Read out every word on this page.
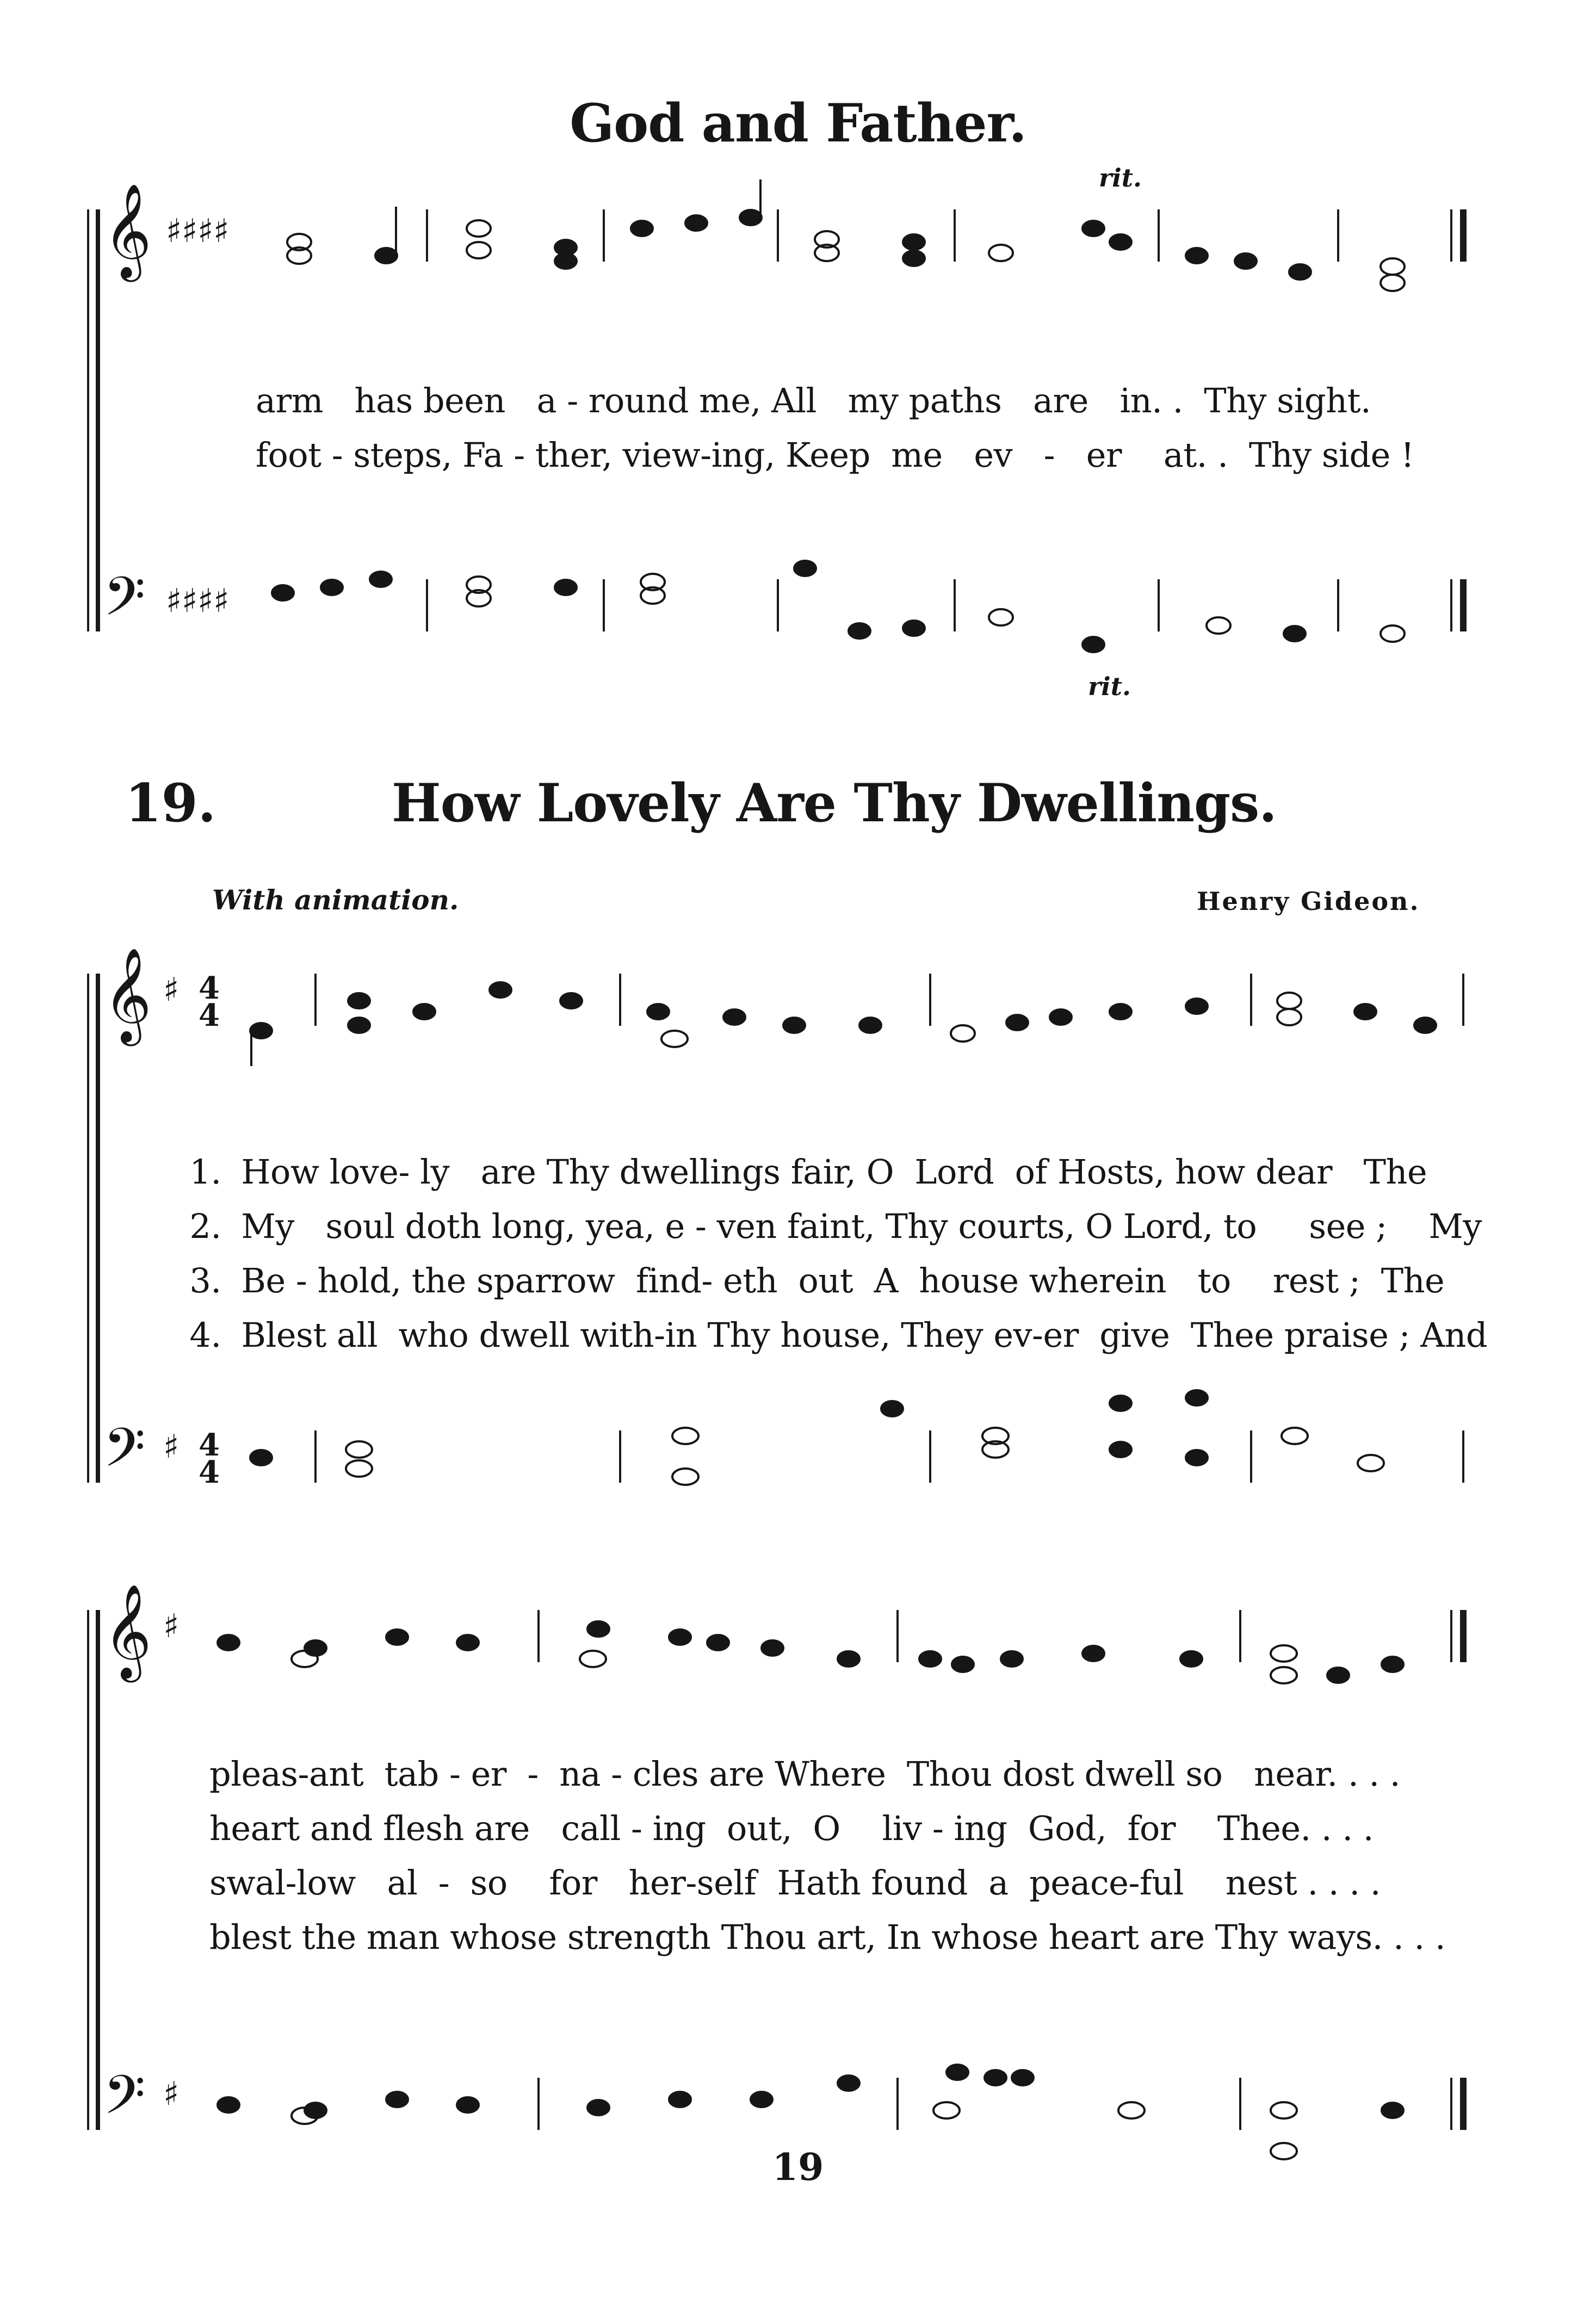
God and Father.
rit.
rit.
19.	How Lovely Are Thy Dwellings.
With animation.	Henry Gideon.
𝄞
𝄢
♯♯♯♯
♯♯♯♯
𝄞
𝄢
♯
♯
4
4
4
4
𝄞
𝄢
♯
♯
arm   has been   a - round me, All   my paths   are   in. .  Thy sight.
foot - steps, Fa - ther, view-ing, Keep  me   ev   -   er    at. .  Thy side !

1. How love- ly   are Thy dwellings fair, O  Lord  of Hosts, how dear   The

2. My   soul doth long, yea, e - ven faint, Thy courts, O Lord, to     see ;    My

3. Be - hold, the sparrow  find- eth  out  A  house wherein   to    rest ;  The

4. Blest all  who dwell with-in Thy house, They ev-er  give  Thee praise ; And

pleas-ant  tab - er  -  na - cles are Where  Thou dost dwell so   near. . . .
heart and flesh are   call - ing  out,  O    liv - ing  God,  for    Thee. . . .
swal-low   al  -  so    for   her-self  Hath found  a  peace-ful    nest . . . .
blest the man whose strength Thou art, In whose heart are Thy ways. . . .
19
